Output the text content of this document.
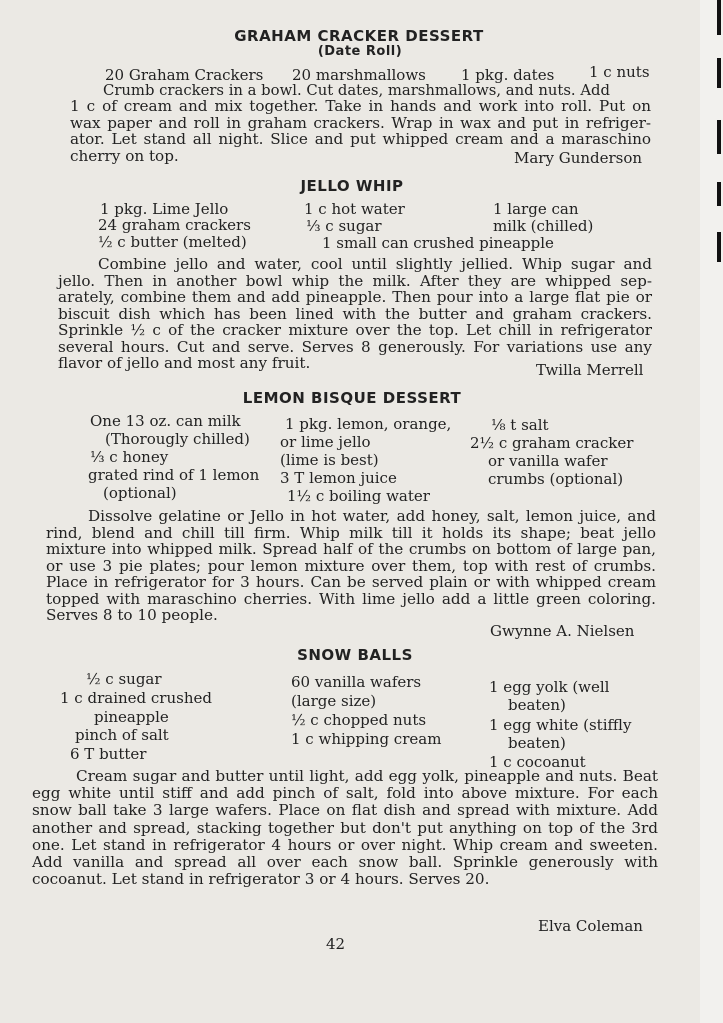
GRAHAM CRACKER DESSERT
(Date Roll)
20 Graham Crackers 20 marshmallows 1 pkg. dates 1 c nuts
Crumb crackers in a bowl. Cut dates, marshmallows, and nuts. Add

1 c of cream and mix together. Take in hands and work into roll. Put on wax paper and roll in graham crackers. Wrap in wax and put in refriger-ator. Let stand all night. Slice and put whipped cream and a maraschino cherry on top.	Mary Gunderson
JELLO WHIP
1 pkg. Lime Jello
24 graham crackers
½ c butter (melted)
1 c hot water
⅓ c sugar
1 small can crushed pineapple
1 large can
milk (chilled)

Combine jello and water, cool until slightly jellied. Whip sugar and jello. Then in another bowl whip the milk. After they are whipped sep-arately, combine them and add pineapple. Then pour into a large flat pie or biscuit dish which has been lined with the butter and graham crackers. Sprinkle ½ c of the cracker mixture over the top. Let chill in refrigerator several hours. Cut and serve. Serves 8 generously. For variations use any flavor of jello and most any fruit.	Twilla Merrell
LEMON BISQUE DESSERT
One 13 oz. can milk
(Thorougly chilled)
⅓ c honey
grated rind of 1 lemon
(optional)
1 pkg. lemon, orange,
or lime jello
(lime is best)
3 T lemon juice
1½ c boiling water
⅛ t salt
2½ c graham cracker
or vanilla wafer
crumbs (optional)

Dissolve gelatine or Jello in hot water, add honey, salt, lemon juice, and rind, blend and chill till firm. Whip milk till it holds its shape; beat jello mixture into whipped milk. Spread half of the crumbs on bottom of large pan, or use 3 pie plates; pour lemon mixture over them, top with rest of crumbs. Place in refrigerator for 3 hours. Can be served plain or with whipped cream topped with maraschino cherries. With lime jello add a little green coloring. Serves 8 to 10 people.

Gwynne A. Nielsen
SNOW BALLS
½ c sugar
1 c drained crushed
pineapple
pinch of salt
6 T butter
60 vanilla wafers
(large size)
½ c chopped nuts
1 c whipping cream
1 egg yolk (well
beaten)
1 egg white (stiffly
beaten)
1 c cocoanut

Cream sugar and butter until light, add egg yolk, pineapple and nuts. Beat egg white until stiff and add pinch of salt, fold into above mixture. For each snow ball take 3 large wafers. Place on flat dish and spread with mixture. Add another and spread, stacking together but don't put anything on top of the 3rd one. Let stand in refrigerator 4 hours or over night. Whip cream and sweeten. Add vanilla and spread all over each snow ball. Sprinkle generously with cocoanut. Let stand in refrigerator 3 or 4 hours. Serves 20.

Elva Coleman
42
